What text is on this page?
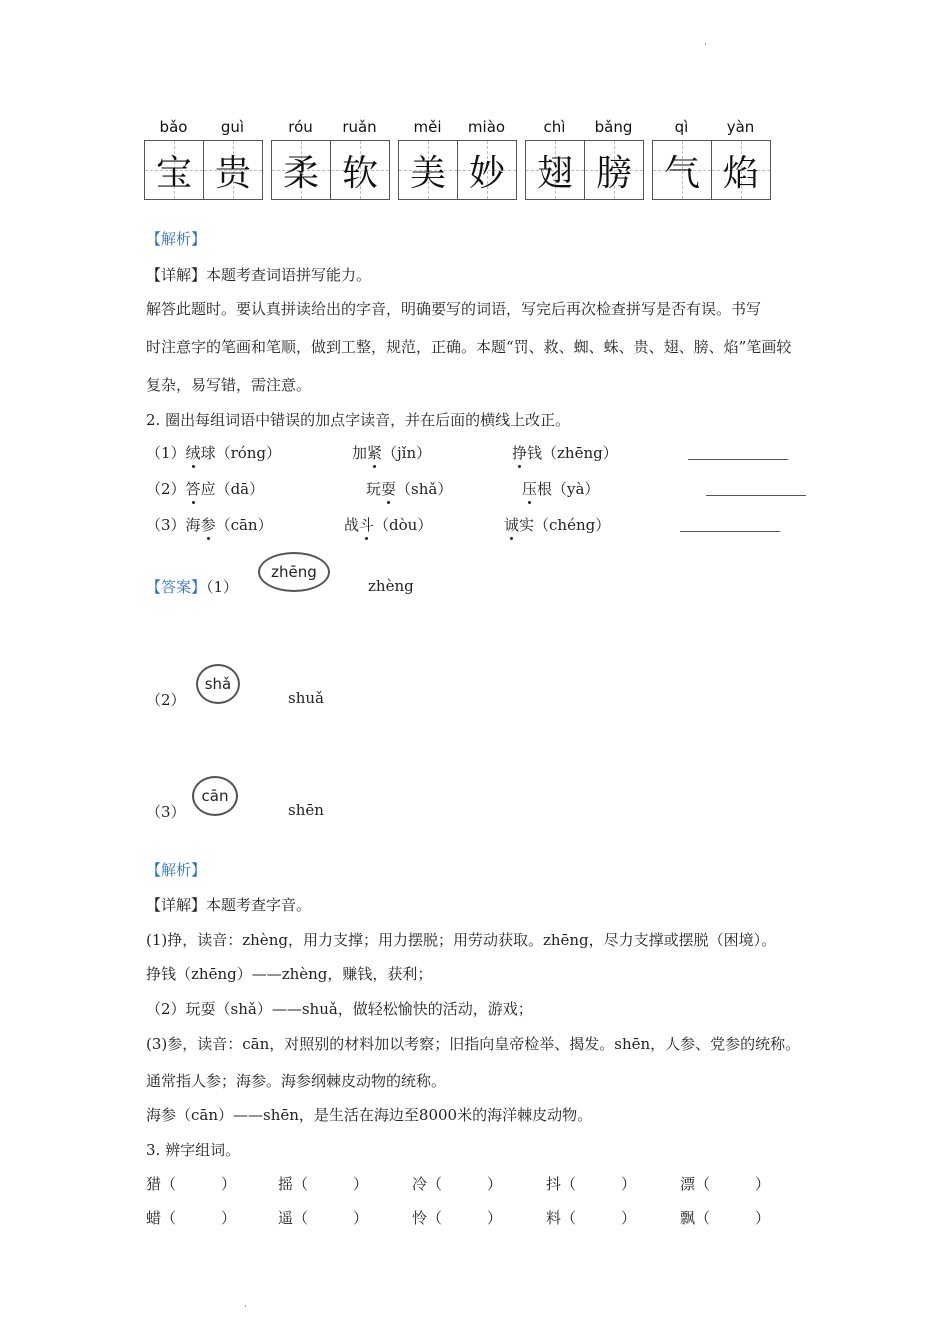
،
bǎo	guì
宝 贵
róu	ruǎn
柔 软
měi	miào
美 妙
chì	bǎng
翅 膀
qì	yàn
气 焰
【解析】
【详解】本题考查词语拼写能力。
解答此题时。要认真拼读给出的字音，明确要写的词语，写完后再次检查拼写是否有误。书写
时注意字的笔画和笔顺，做到工整，规范，正确。本题“罚、救、蜘、蛛、贵、翅、膀、焰”笔画较
复杂，易写错，需注意。
2. 圈出每组词语中错误的加点字读音，并在后面的横线上改正。
（1）绒球（róng）	加紧（jǐn）	挣钱（zhēng）
（2）答应（dā）	玩耍（shǎ）	压根（yà）
（3）海参（cān）	战斗（dòu）	诚实（chéng）
【答案】（1）
zhēng
zhèng
（2）
shǎ
shuǎ
（3）
cān
shēn
【解析】
【详解】本题考查字音。
(1)挣，读音：zhèng，用力支撑；用力摆脱；用劳动获取。zhēng，尽力支撑或摆脱（困境）。
挣钱（zhēng）——zhèng，赚钱，获利；
（2）玩耍（shǎ）——shuǎ，做轻松愉快的活动，游戏；
(3)参，读音：cān，对照别的材料加以考察；旧指向皇帝检举、揭发。shēn，人参、党参的统称。
通常指人参；海参。海参纲棘皮动物的统称。
海参（cān）——shēn，是生活在海边至8000米的海洋棘皮动物。
3. 辨字组词。
猎（　　　）	摇（　　　）	冷（　　　）	抖（　　　）	漂（　　　）
蜡（　　　）	遥（　　　）	怜（　　　）	料（　　　）	飘（　　　）
،
